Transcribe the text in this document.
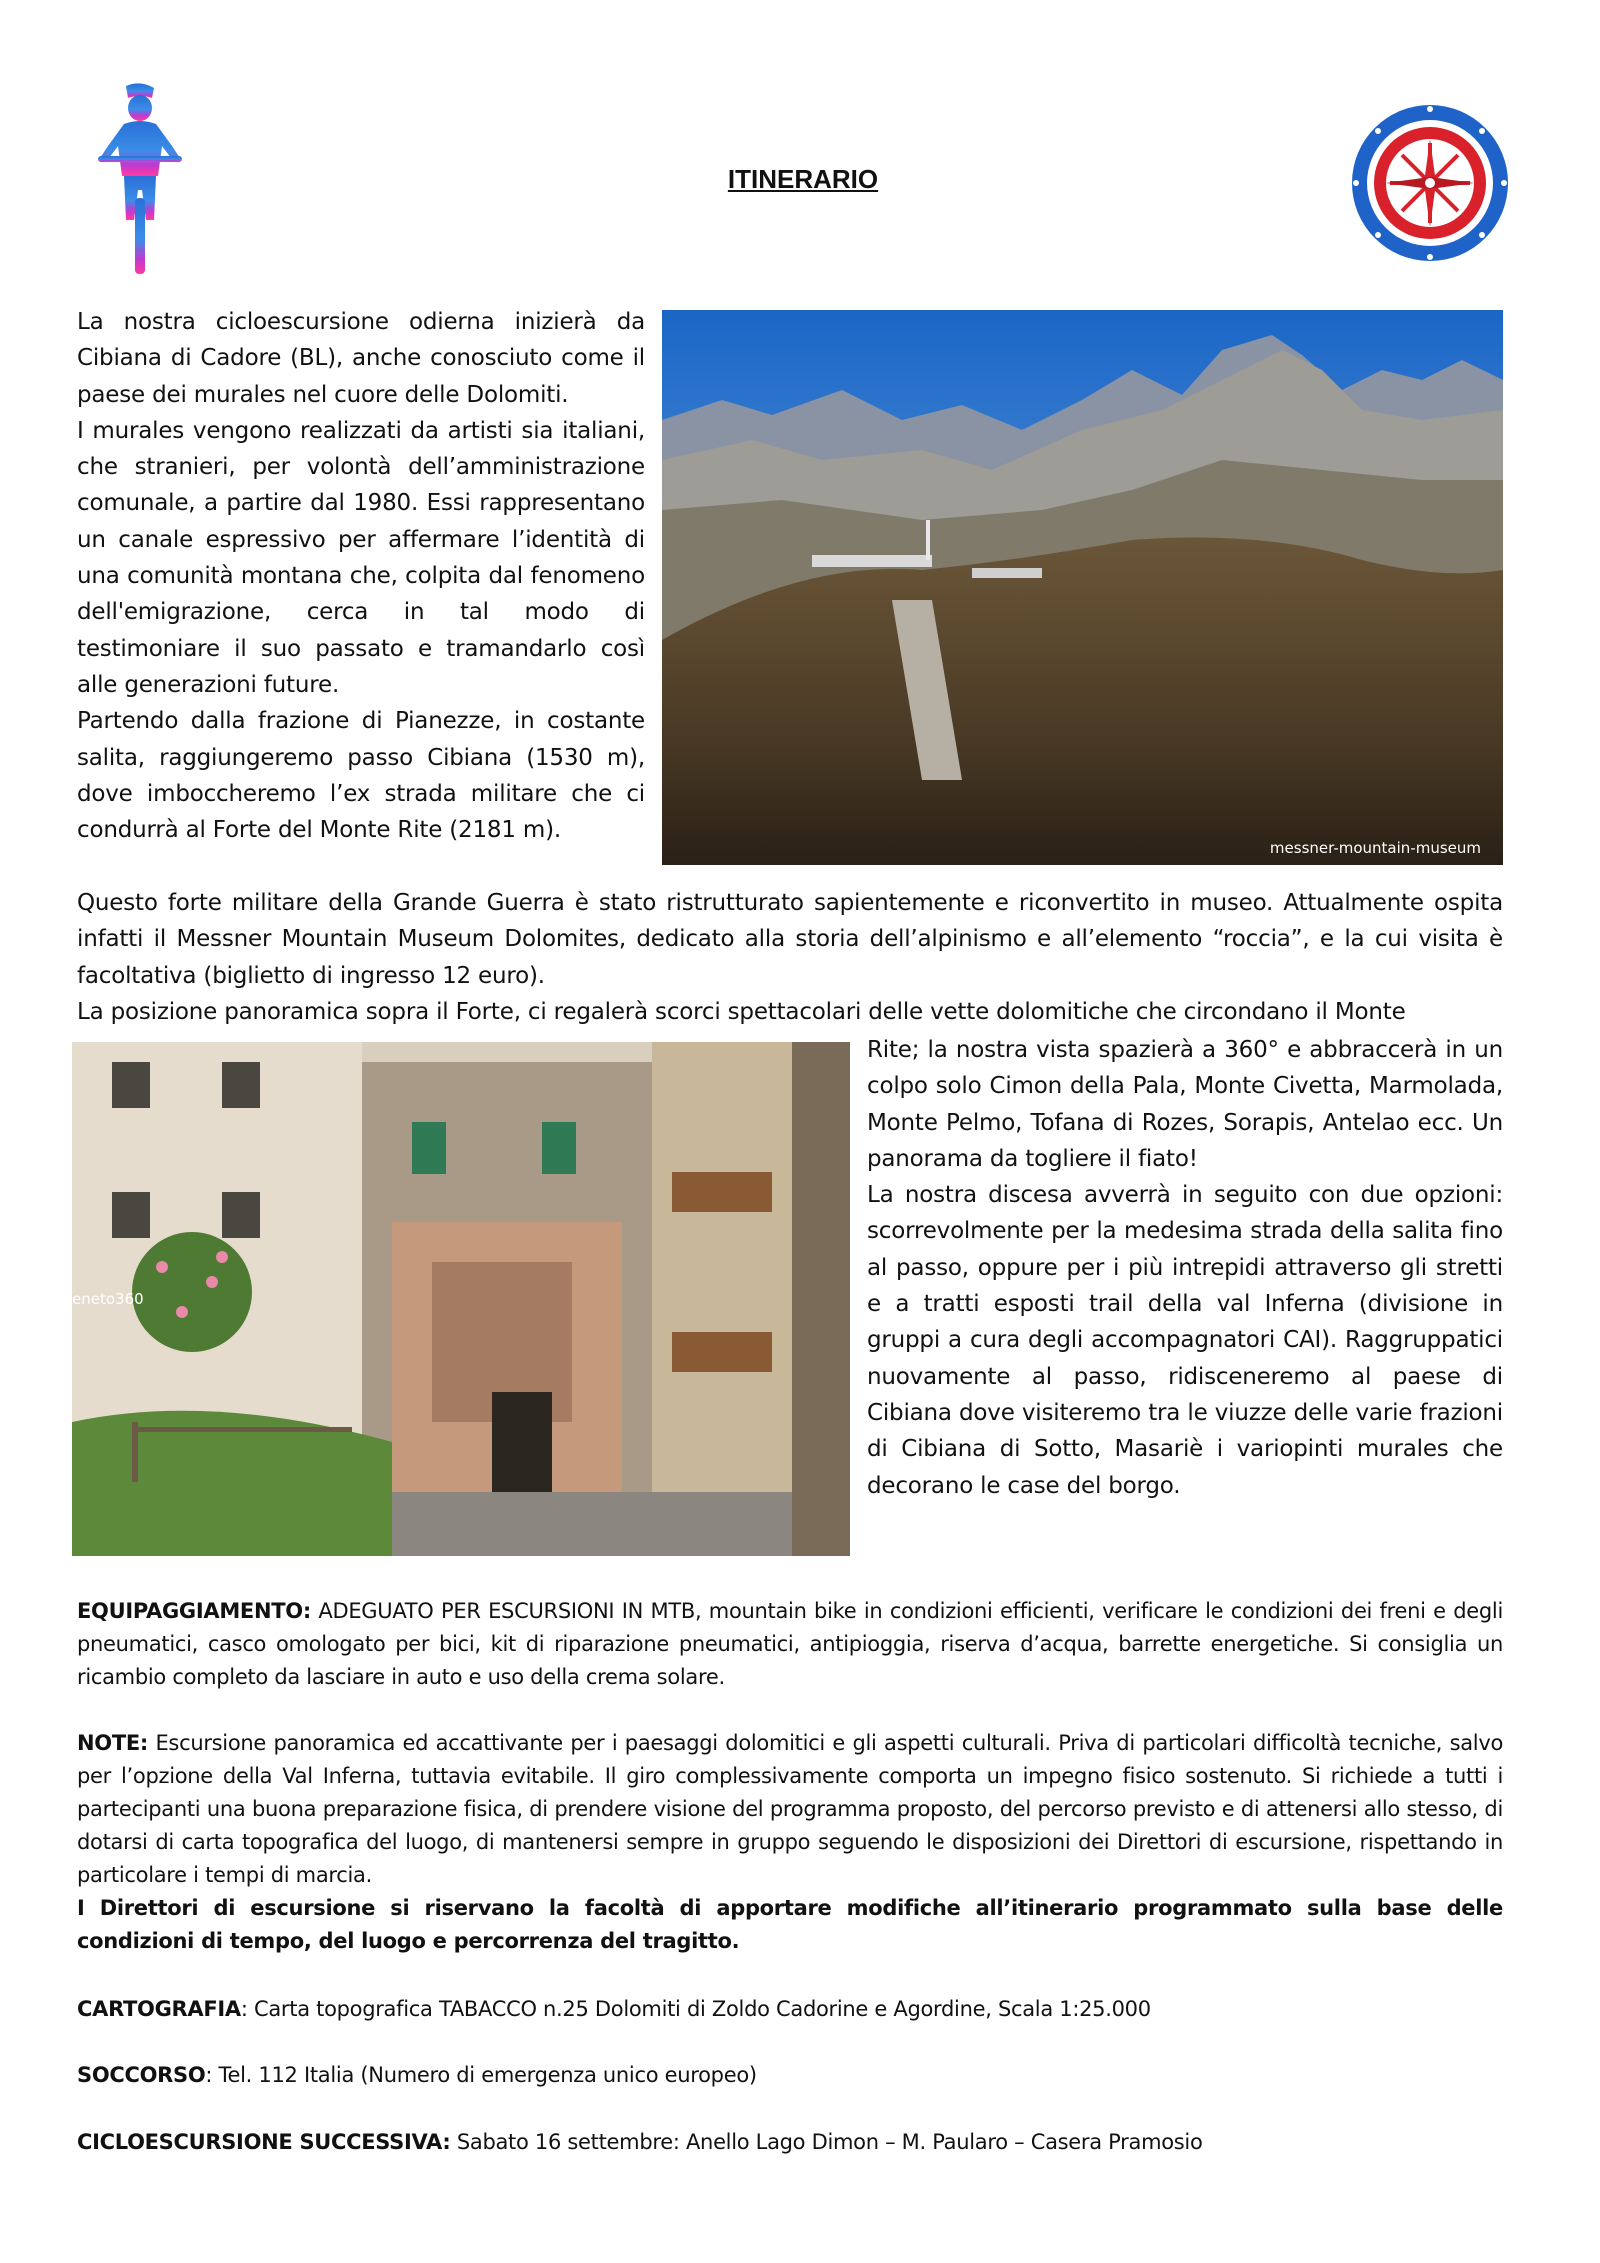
ITINERARIO

La nostra cicloescursione odierna inizierà da Cibiana di Cadore (BL), anche conosciuto come il paese dei murales nel cuore delle Dolomiti.

I murales vengono realizzati da artisti sia italiani, che stranieri, per volontà dell’amministrazione comunale, a partire dal 1980. Essi rappresentano un canale espressivo per affermare l’identità di una comunità montana che, colpita dal fenomeno dell'emigrazione, cerca in tal modo di testimoniare il suo passato e tramandarlo così alle generazioni future.

Partendo dalla frazione di Pianezze, in costante salita, raggiungeremo passo Cibiana (1530 m), dove imboccheremo l’ex strada militare che ci condurrà al Forte del Monte Rite (2181 m).

messner-mountain-museum

Questo forte militare della Grande Guerra è stato ristrutturato sapientemente e riconvertito in museo. Attualmente ospita infatti il Messner Mountain Museum Dolomites, dedicato alla storia dell’alpinismo e all’elemento “roccia”, e la cui visita è facoltativa (biglietto di ingresso 12 euro).

La posizione panoramica sopra il Forte, ci regalerà scorci spettacolari delle vette dolomitiche che circondano il Monte

eneto360

Rite; la nostra vista spazierà a 360° e abbraccerà in un colpo solo Cimon della Pala, Monte Civetta, Marmolada, Monte Pelmo, Tofana di Rozes, Sorapis, Antelao ecc. Un panorama da togliere il fiato!

La nostra discesa avverrà in seguito con due opzioni: scorrevolmente per la medesima strada della salita fino al passo, oppure per i più intrepidi attraverso gli stretti e a tratti esposti trail della val Inferna (divisione in gruppi a cura degli accompagnatori CAI). Raggruppatici nuovamente al passo, ridisceneremo al paese di Cibiana dove visiteremo tra le viuzze delle varie frazioni di Cibiana di Sotto, Masariè i variopinti murales che decorano le case del borgo.

EQUIPAGGIAMENTO: ADEGUATO PER ESCURSIONI IN MTB, mountain bike in condizioni efficienti, verificare le condizioni dei freni e degli pneumatici, casco omologato per bici, kit di riparazione pneumatici, antipioggia, riserva d’acqua, barrette energetiche. Si consiglia un ricambio completo da lasciare in auto e uso della crema solare.

NOTE: Escursione panoramica ed accattivante per i paesaggi dolomitici e gli aspetti culturali. Priva di particolari difficoltà tecniche, salvo per l’opzione della Val Inferna, tuttavia evitabile. Il giro complessivamente comporta un impegno fisico sostenuto. Si richiede a tutti i partecipanti una buona preparazione fisica, di prendere visione del programma proposto, del percorso previsto e di attenersi allo stesso, di dotarsi di carta topografica del luogo, di mantenersi sempre in gruppo seguendo le disposizioni dei Direttori di escursione, rispettando in particolare i tempi di marcia.

I Direttori di escursione si riservano la facoltà di apportare modifiche all’itinerario programmato sulla base delle condizioni di tempo, del luogo e percorrenza del tragitto.

CARTOGRAFIA: Carta topografica TABACCO n.25 Dolomiti di Zoldo Cadorine e Agordine, Scala 1:25.000

SOCCORSO: Tel. 112 Italia (Numero di emergenza unico europeo)

CICLOESCURSIONE SUCCESSIVA: Sabato 16 settembre: Anello Lago Dimon – M. Paularo – Casera Pramosio
